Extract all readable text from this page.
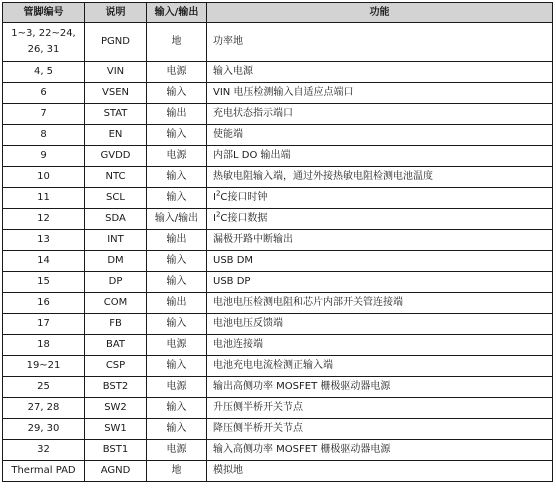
管脚编号	说明	输入/输出	功能
1~3, 22~24, 26, 31	PGND	地	功率地
4, 5	VIN	电源	输入电源
6	VSEN	输入	VIN 电压检测输入自适应点端口
7	STAT	输出	充电状态指示端口
8	EN	输入	使能端
9	GVDD	电源	内部L DO 输出端
10	NTC	输入	热敏电阻输入端，通过外接热敏电阻检测电池温度
11	SCL	输入	$I^2C$接口时钟
12	SDA	输入/输出	$I^2C$接口数据
13	INT	输出	漏极开路中断输出
14	DM	输入	USB DM
15	DP	输入	USB DP
16	COM	输出	电池电压检测电阻和芯片内部开关管连接端
17	FB	输入	电池电压反馈端
18	BAT	电源	电池连接端
19~21	CSP	输入	电池充电电流检测正输入端
25	BST2	电源	输出高侧功率 MOSFET 栅极驱动器电源
27, 28	SW2	输入	升压侧半桥开关节点
29, 30	SW1	输入	降压侧半桥开关节点
32	BST1	电源	输入高侧功率 MOSFET 栅极驱动器电源
Thermal PAD	AGND	地	模拟地
